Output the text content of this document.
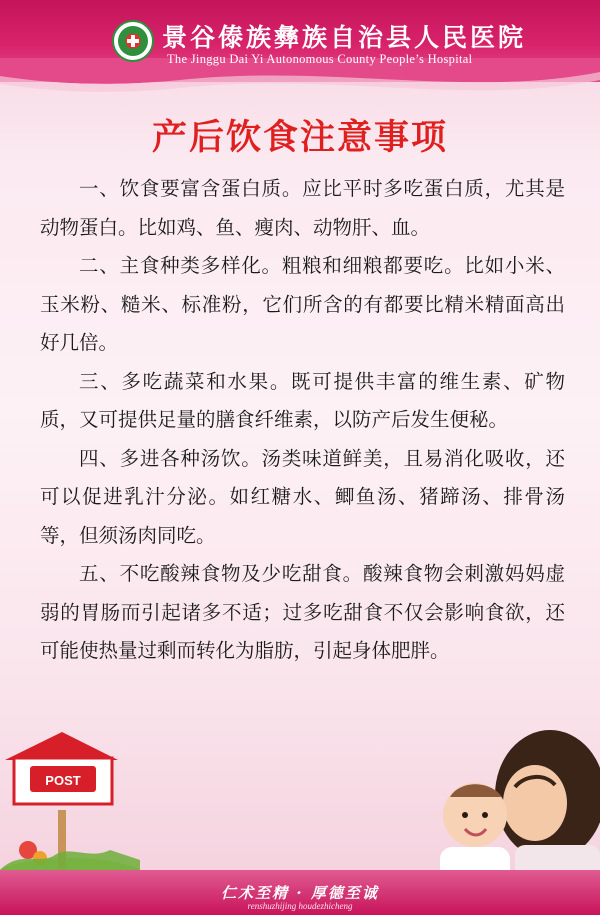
景谷傣族彝族自治县人民医院
The Jinggu Dai Yi Autonomous County People’s Hospital
产后饮食注意事项

一、饮食要富含蛋白质。应比平时多吃蛋白质，尤其是动物蛋白。比如鸡、鱼、瘦肉、动物肝、血。

二、主食种类多样化。粗粮和细粮都要吃。比如小米、玉米粉、糙米、标准粉，它们所含的有都要比精米精面高出好几倍。

三、多吃蔬菜和水果。既可提供丰富的维生素、矿物质，又可提供足量的膳食纤维素，以防产后发生便秘。

四、多进各种汤饮。汤类味道鲜美，且易消化吸收，还可以促进乳汁分泌。如红糖水、鲫鱼汤、猪蹄汤、排骨汤等，但须汤肉同吃。

五、不吃酸辣食物及少吃甜食。酸辣食物会刺激妈妈虚弱的胃肠而引起诸多不适；过多吃甜食不仅会影响食欲，还可能使热量过剩而转化为脂肪，引起身体肥胖。

POST
仁术至精 · 厚德至诚
renshuzhijing houdezhicheng
